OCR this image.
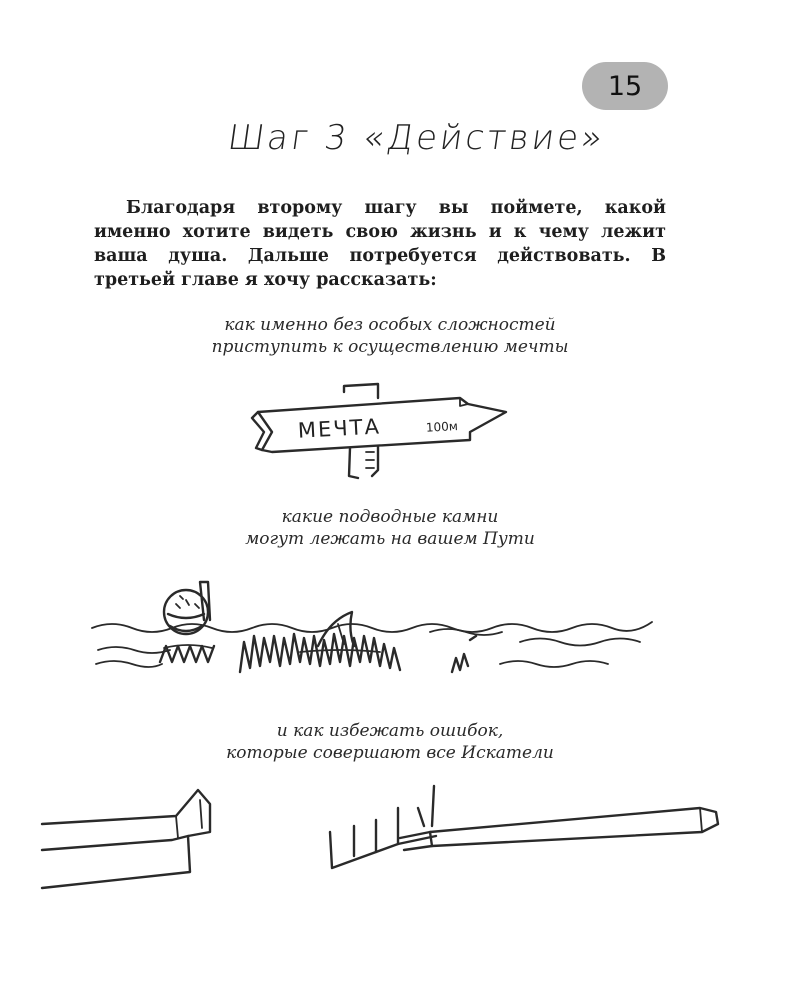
15
Шаг 3 «Действие»

Благодаря второму шагу вы поймете, какой именно хотите видеть свою жизнь и к чему лежит ваша душа. Дальше потребуется действовать. В третьей главе я хочу рассказать:

как именно без особых сложностей
приступить к осуществлению мечты

МЕЧТА	100м

какие подводные камни
могут лежать на вашем Пути

и как избежать ошибок,
которые совершают все Искатели
